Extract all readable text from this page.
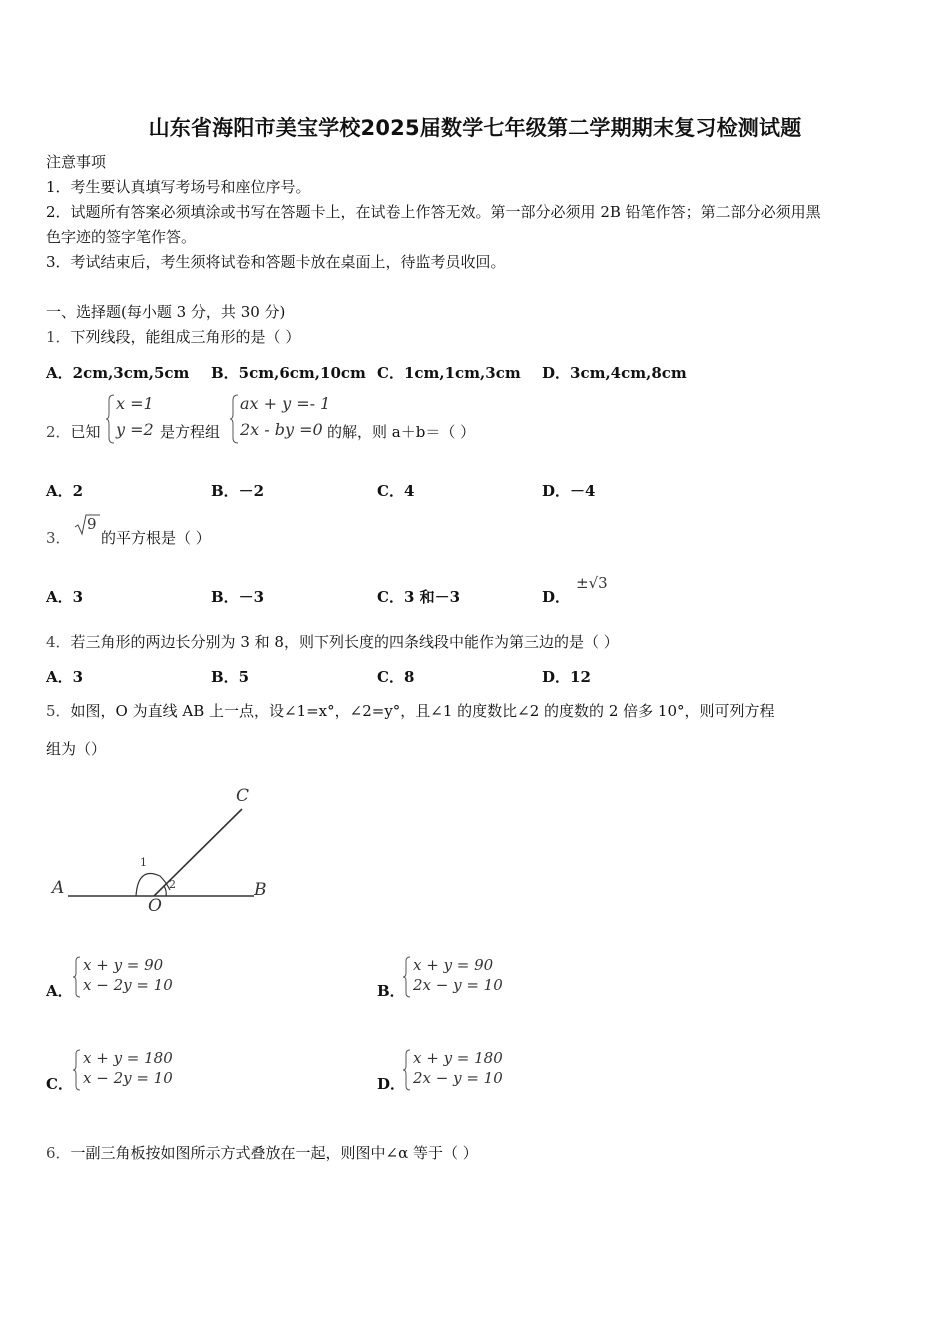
山东省海阳市美宝学校2025届数学七年级第二学期期末复习检测试题
注意事项
1．考生要认真填写考场号和座位序号。
2．试题所有答案必须填涂或书写在答题卡上，在试卷上作答无效。第一部分必须用 2B 铅笔作答；第二部分必须用黑
色字迹的签字笔作答。
3．考试结束后，考生须将试卷和答题卡放在桌面上，待监考员收回。
一、选择题(每小题 3 分，共 30 分)
1．下列线段，能组成三角形的是（ ）
A．2cm,3cm,5cm B．5cm,6cm,10cm C．1cm,1cm,3cm D．3cm,4cm,8cm
2．已知
x =1
y =2 是方程组
ax + y =- 1
2x - by =0 的解，则 a＋b＝（ ）
A．2	B．－2	C．4	D．－4
3．
9
的平方根是（ ）
A．3	B．－3	C．3 和－3	D．
±√3
4．若三角形的两边长分别为 3 和 8，则下列长度的四条线段中能作为第三边的是（ ）
A．3	B．5	C．8	D．12
5．如图，O 为直线 AB 上一点，设∠1=x°，∠2=y°，且∠1 的度数比∠2 的度数的 2 倍多 10°，则可列方程
组为（）
A	B
C
O
1
2
A．
x + y = 90
x − 2y = 10	B．
x + y = 90
2x − y = 10
C．
x + y = 180
x − 2y = 10	D．
x + y = 180
2x − y = 10
6．一副三角板按如图所示方式叠放在一起，则图中∠α 等于（ ）
